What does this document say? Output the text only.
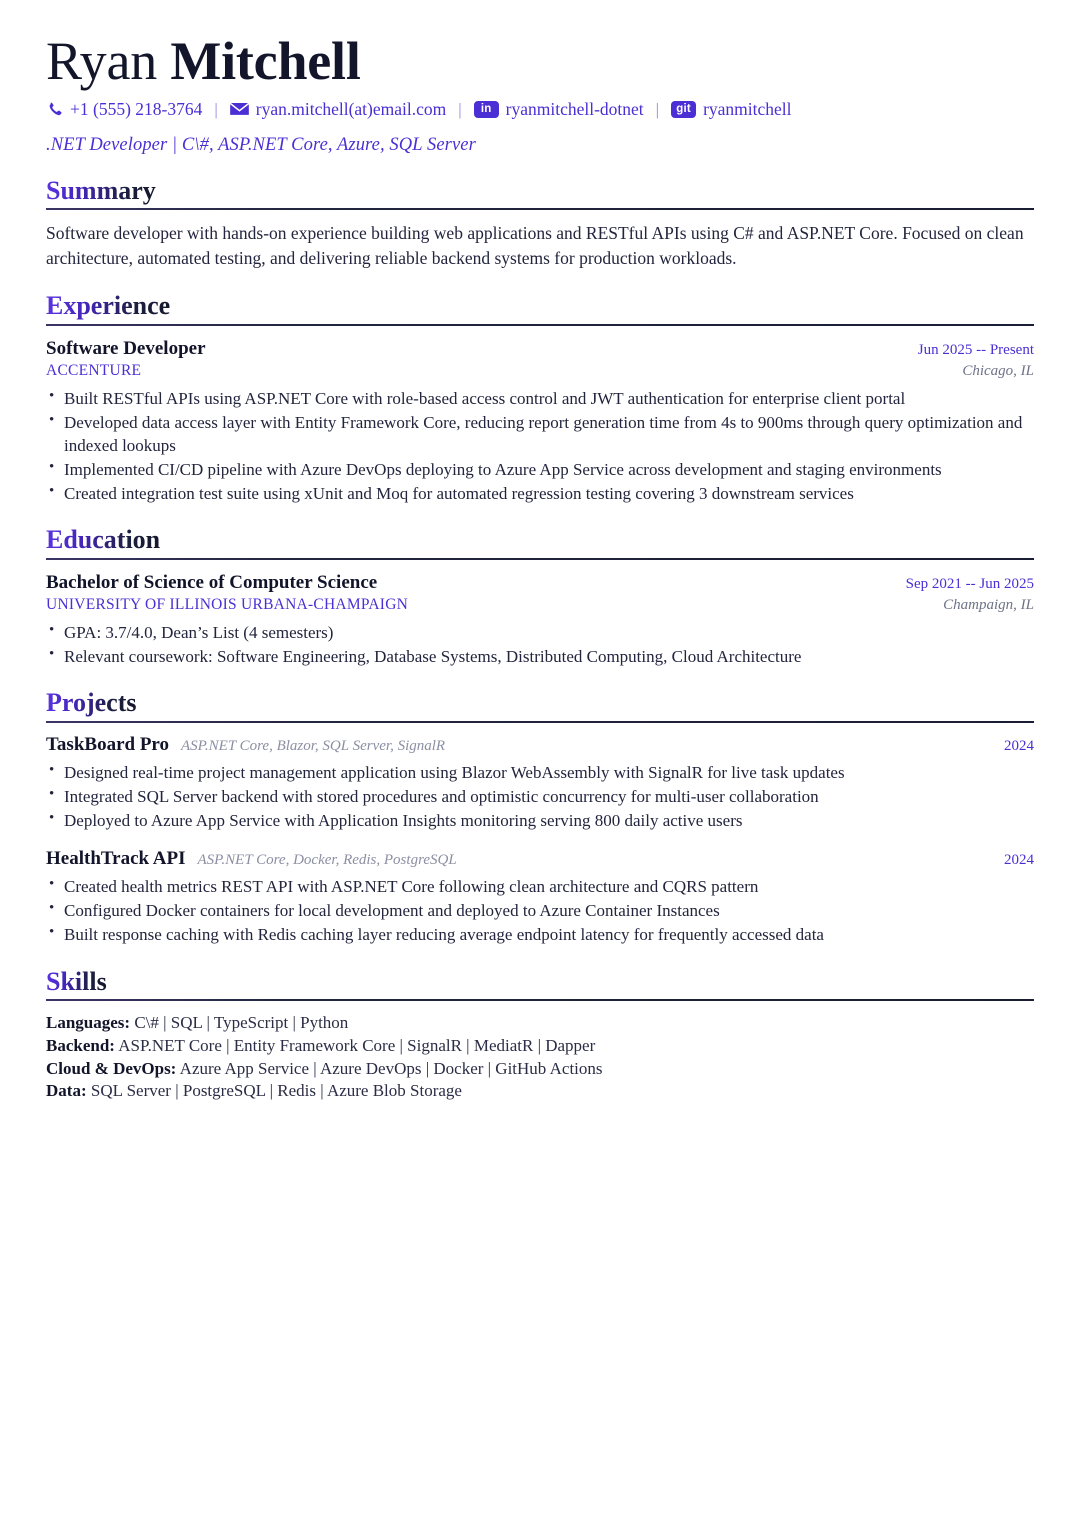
Ryan Mitchell
+1 (555) 218-3764 |	ryan.mitchell(at)email.com |	in ryanmitchell-dotnet |	git ryanmitchell
.NET Developer | C\#, ASP.NET Core, Azure, SQL Server
Summary
Software developer with hands-on experience building web applications and RESTful APIs using C# and ASP.NET Core. Focused on clean architecture, automated testing, and delivering reliable backend systems for production workloads.
Experience
Software Developer	Jun 2025 -- Present
ACCENTURE	Chicago, IL
• Built RESTful APIs using ASP.NET Core with role-based access control and JWT authentication for enterprise client portal
• Developed data access layer with Entity Framework Core, reducing report generation time from 4s to 900ms through query optimization and indexed lookups
• Implemented CI/CD pipeline with Azure DevOps deploying to Azure App Service across development and staging environments
• Created integration test suite using xUnit and Moq for automated regression testing covering 3 downstream services
Education
Bachelor of Science of Computer Science	Sep 2021 -- Jun 2025
UNIVERSITY OF ILLINOIS URBANA-CHAMPAIGN	Champaign, IL
• GPA: 3.7/4.0, Dean’s List (4 semesters)
• Relevant coursework: Software Engineering, Database Systems, Distributed Computing, Cloud Architecture
Projects
TaskBoard Pro ASP.NET Core, Blazor, SQL Server, SignalR	2024
• Designed real-time project management application using Blazor WebAssembly with SignalR for live task updates
• Integrated SQL Server backend with stored procedures and optimistic concurrency for multi-user collaboration
• Deployed to Azure App Service with Application Insights monitoring serving 800 daily active users
HealthTrack API ASP.NET Core, Docker, Redis, PostgreSQL	2024
• Created health metrics REST API with ASP.NET Core following clean architecture and CQRS pattern
• Configured Docker containers for local development and deployed to Azure Container Instances
• Built response caching with Redis caching layer reducing average endpoint latency for frequently accessed data
Skills
Languages: C\# | SQL | TypeScript | Python
Backend: ASP.NET Core | Entity Framework Core | SignalR | MediatR | Dapper
Cloud & DevOps: Azure App Service | Azure DevOps | Docker | GitHub Actions
Data: SQL Server | PostgreSQL | Redis | Azure Blob Storage
